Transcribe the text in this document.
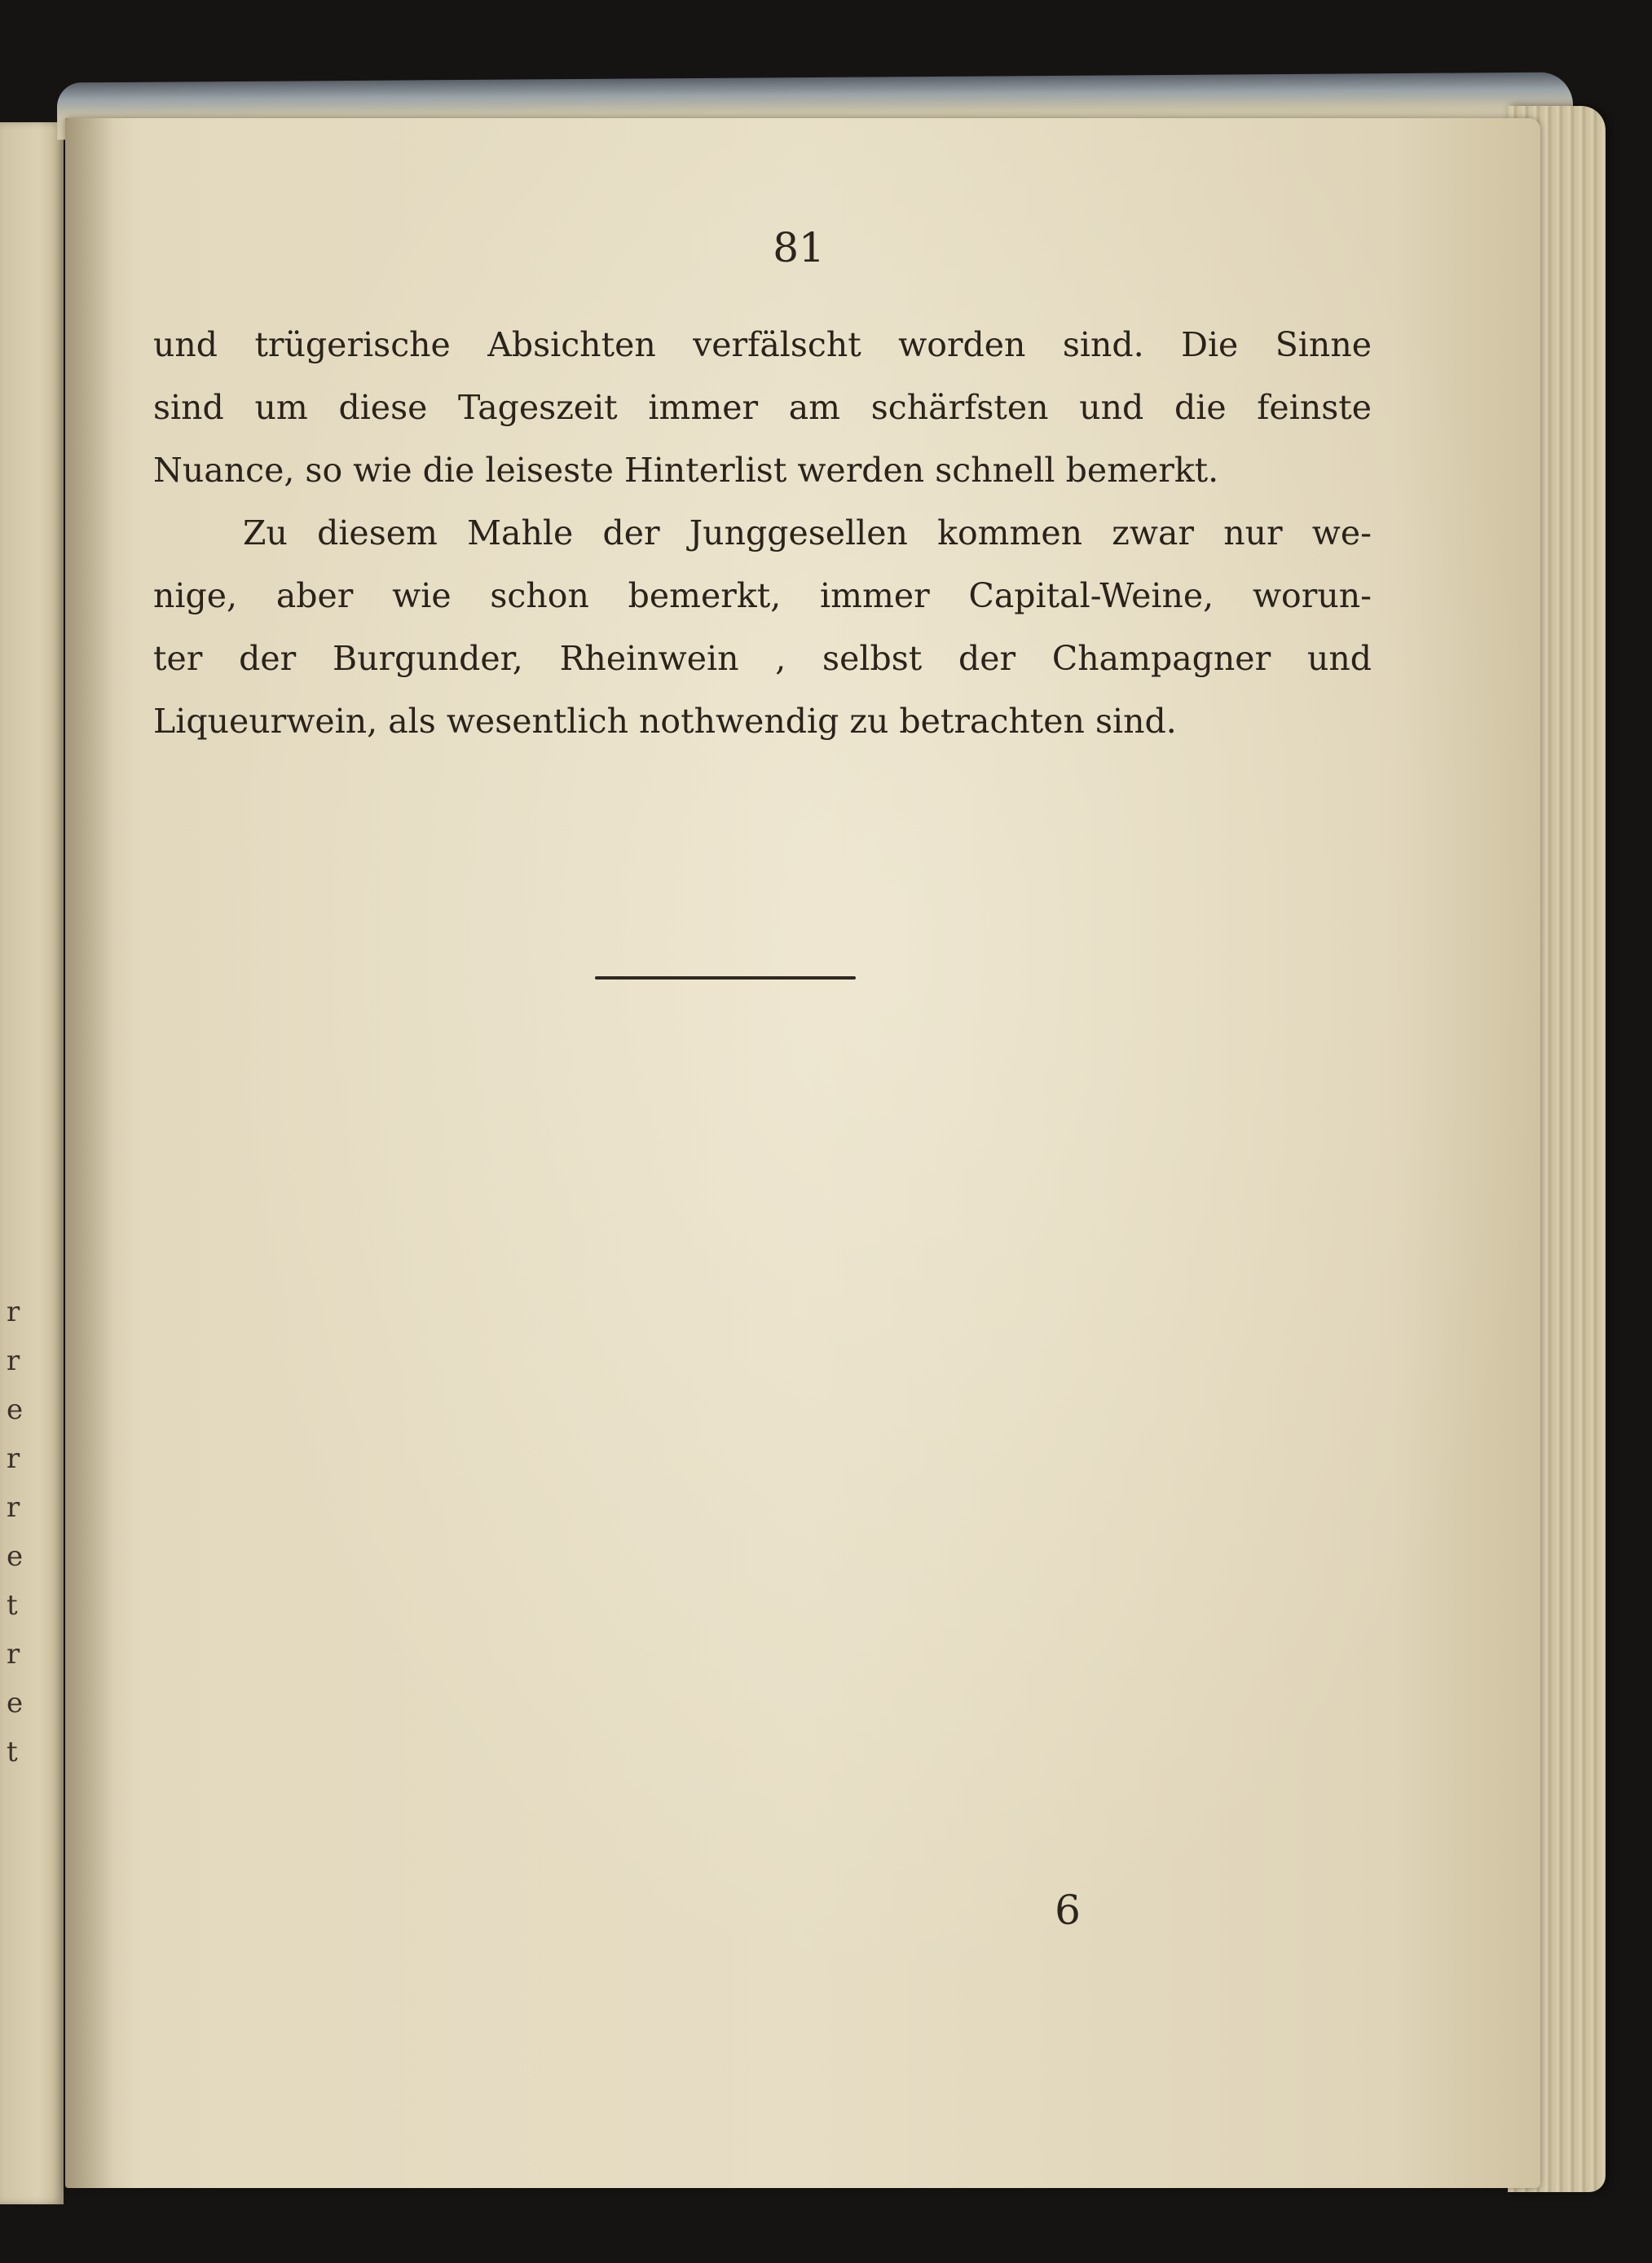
r
r
e
r
r
e
t
r
e
t
81
und trügerische Absichten verfälscht worden sind. Die Sinne
sind um diese Tageszeit immer am schärfsten und die feinste
Nuance, so wie die leiseste Hinterlist werden schnell bemerkt.
Zu diesem Mahle der Junggesellen kommen zwar nur we-
nige, aber wie schon bemerkt, immer Capital-Weine, worun-
ter der Burgunder, Rheinwein , selbst der Champagner und
Liqueurwein, als wesentlich nothwendig zu betrachten sind.
6
